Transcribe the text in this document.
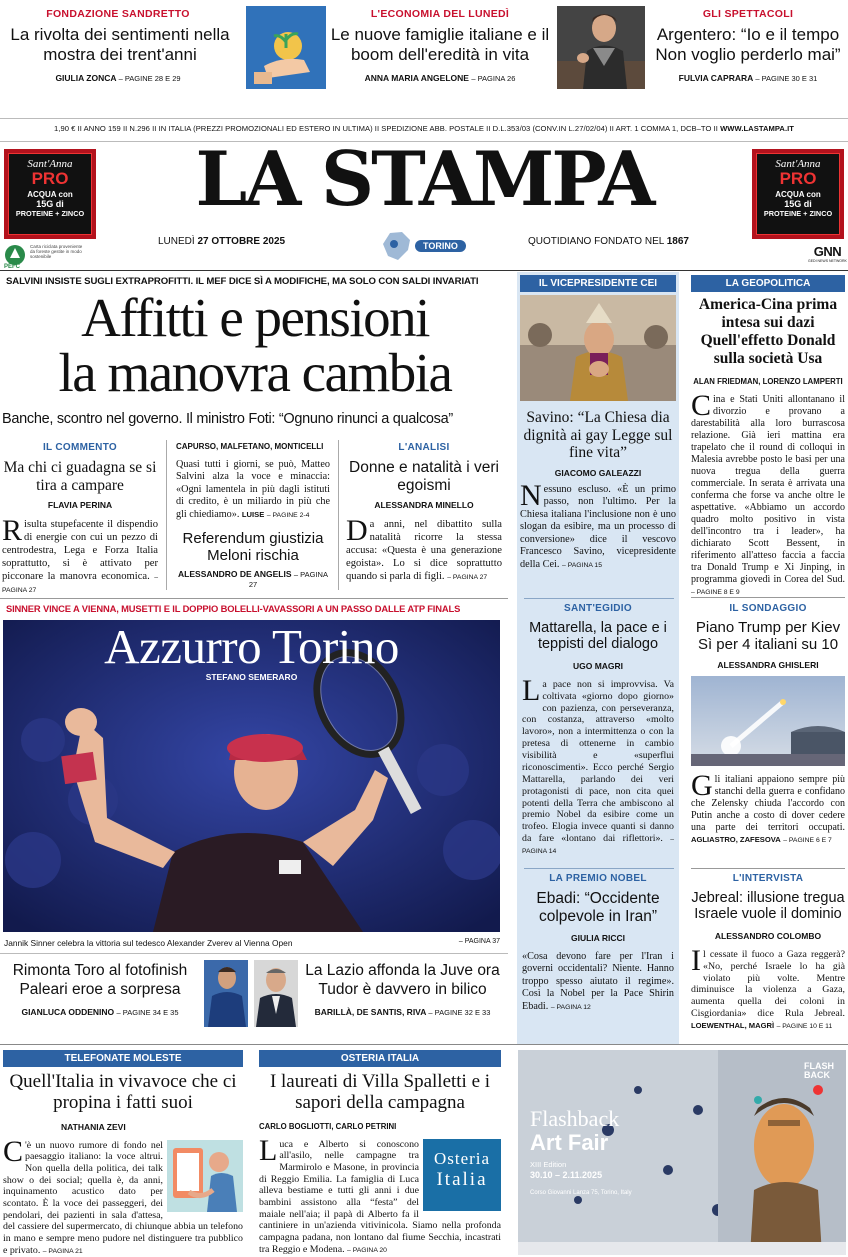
FONDAZIONE SANDRETTO
La rivolta dei sentimenti nella mostra dei trent'anni
GIULIA ZONCA – PAGINE 28 E 29
L'ECONOMIA DEL LUNEDÌ
Le nuove famiglie italiane e il boom dell'eredità in vita
ANNA MARIA ANGELONE – PAGINA 26
GLI SPETTACOLI
Argentero: “Io e il tempo Non voglio perderlo mai”
FULVIA CAPRARA – PAGINE 30 E 31
1,90 € II ANNO 159 II N.296 II IN ITALIA (PREZZI PROMOZIONALI ED ESTERO IN ULTIMA) II SPEDIZIONE ABB. POSTALE II D.L.353/03 (CONV.IN L.27/02/04) II ART. 1 COMMA 1, DCB–TO II WWW.LASTAMPA.IT
Sant'Anna
PRO
ACQUA con
15G di
PROTEINE + ZINCO
Sant'Anna
PRO
ACQUA con
15G di
PROTEINE + ZINCO
LA STAMPA
LUNEDÌ 27 OTTOBRE 2025	TORINO	QUOTIDIANO FONDATO NEL 1867
PEFC
Carta riciclata proveniente da foreste gestite in modo sostenibile	GNN
GEDI NEWS NETWORK
SALVINI INSISTE SUGLI EXTRAPROFITTI. IL MEF DICE SÌ A MODIFICHE, MA SOLO CON SALDI INVARIATI
Affitti e pensioni
la manovra cambia
Banche, scontro nel governo. Il ministro Foti: “Ognuno rinunci a qualcosa”
IL COMMENTO
Ma chi ci guadagna se si tira a campare
FLAVIA PERINA
Risulta stupefacente il dispendio di energie con cui un pezzo di centrodestra, Lega e Forza Italia soprattutto, si è attivato per picconare la manovra economica. – PAGINA 27
CAPURSO, MALFETANO, MONTICELLI
Quasi tutti i giorni, se può, Matteo Salvini alza la voce e minaccia: «Ogni lamentela in più dagli istituti di credito, è un miliardo in più che gli chiediamo». LUISE – PAGINE 2-4
Referendum giustizia Meloni rischia
ALESSANDRO DE ANGELIS – PAGINA 27
L'ANALISI
Donne e natalità i veri egoismi
ALESSANDRA MINELLO
Da anni, nel dibattito sulla natalità ricorre la stessa accusa: «Questa è una generazione egoista». Lo si dice soprattutto quando si parla di figli. – PAGINA 27
SINNER VINCE A VIENNA, MUSETTI E IL DOPPIO BOLELLI-VAVASSORI A UN PASSO DALLE ATP FINALS
Azzurro Torino
STEFANO SEMERARO
Jannik Sinner celebra la vittoria sul tedesco Alexander Zverev al Vienna Open	– PAGINA 37
Rimonta Toro al fotofinish Paleari eroe a sorpresa
GIANLUCA ODDENINO – PAGINE 34 E 35
La Lazio affonda la Juve ora Tudor è davvero in bilico
BARILLÀ, DE SANTIS, RIVA – PAGINE 32 E 33
IL VICEPRESIDENTE CEI
Savino: “La Chiesa dia dignità ai gay Legge sul fine vita”
GIACOMO GALEAZZI
Nessuno escluso. «È un primo passo, non l'ultimo. Per la Chiesa italiana l'inclusione non è uno slogan da esibire, ma un processo di conversione» dice il vescovo Francesco Savino, vicepresidente della Cei. – PAGINA 15
SANT'EGIDIO
Mattarella, la pace e i teppisti del dialogo
UGO MAGRI
La pace non si improvvisa. Va coltivata «giorno dopo giorno» con pazienza, con perseveranza, con costanza, attraverso «molto lavoro», non a intermittenza o con la pretesa di ottenerne in cambio visibilità e «superflui riconoscimenti». Ecco perché Sergio Mattarella, parlando dei veri protagonisti di pace, non cita quei potenti della Terra che ambiscono al premio Nobel da esibire come un trofeo. Elogia invece quanti si danno da fare «lontano dai riflettori». – PAGINA 14
LA PREMIO NOBEL
Ebadi: “Occidente colpevole in Iran”
GIULIA RICCI
«Cosa devono fare per l'Iran i governi occidentali? Niente. Hanno troppo spesso aiutato il regime». Così la Nobel per la Pace Shirin Ebadi. – PAGINA 12
LA GEOPOLITICA
America-Cina prima intesa sui dazi Quell'effetto Donald sulla società Usa
ALAN FRIEDMAN, LORENZO LAMPERTI
Cina e Stati Uniti allontanano il divorzio e provano a darestabilità alla loro burrascosa relazione. Già ieri mattina era trapelato che il round di colloqui in Malesia avrebbe posto le basi per una nuova tregua della guerra commerciale. In serata è arrivata una conferma che forse va anche oltre le aspettative. «Abbiamo un accordo quadro molto positivo in vista dell'incontro tra i leader», ha dichiarato Scott Bessent, in riferimento all'atteso faccia a faccia tra Donald Trump e Xi Jinping, in programma giovedì in Corea del Sud. – PAGINE 8 E 9
IL SONDAGGIO
Piano Trump per Kiev Sì per 4 italiani su 10
ALESSANDRA GHISLERI
Gli italiani appaiono sempre più stanchi della guerra e confidano che Zelensky chiuda l'accordo con Putin anche a costo di dover cedere una parte dei territori occupati. AGLIASTRO, ZAFESOVA – PAGINE 6 E 7
L'INTERVISTA
Jebreal: illusione tregua Israele vuole il dominio
ALESSANDRO COLOMBO
Il cessate il fuoco a Gaza reggerà? «No, perché Israele lo ha già violato più volte. Mentre diminuisce la violenza a Gaza, aumenta quella dei coloni in Cisgiordania» dice Rula Jebreal. LOEWENTHAL, MAGRÌ – PAGINE 10 E 11
TELEFONATE MOLESTE
Quell'Italia in vivavoce che ci propina i fatti suoi
NATHANIA ZEVI
C 'è un nuovo rumore di fondo nel paesaggio italiano: la voce altrui. Non quella della politica, dei talk show o dei social; quella è, da anni, inquinamento acustico dato per scontato. È la voce dei passeggeri, dei pendolari, dei pazienti in sala d'attesa, del cassiere del supermercato, di chiunque abbia un telefono in mano e sempre meno pudore nel distinguere tra pubblico e privato. – PAGINA 21
OSTERIA ITALIA
I laureati di Villa Spalletti e i sapori della campagna
CARLO BOGLIOTTI, CARLO PETRINI
Osteria
Italia
L uca e Alberto si conoscono all'asilo, nelle campagne tra Marmirolo e Masone, in provincia di Reggio Emilia. La famiglia di Luca alleva bestiame e tutti gli anni i due bambini assistono alla “festa” del maiale nell'aia; il papà di Alberto fa il cantiniere in un'azienda vitivinicola. Siamo nella profonda campagna padana, non lontano dal fiume Secchia, incastrati tra Reggio e Modena. – PAGINA 20
Flashback
Art Fair
XIII Edition
30.10 – 2.11.2025
Corso Giovanni Lanza 75, Torino, Italy
FLASH
BACK
